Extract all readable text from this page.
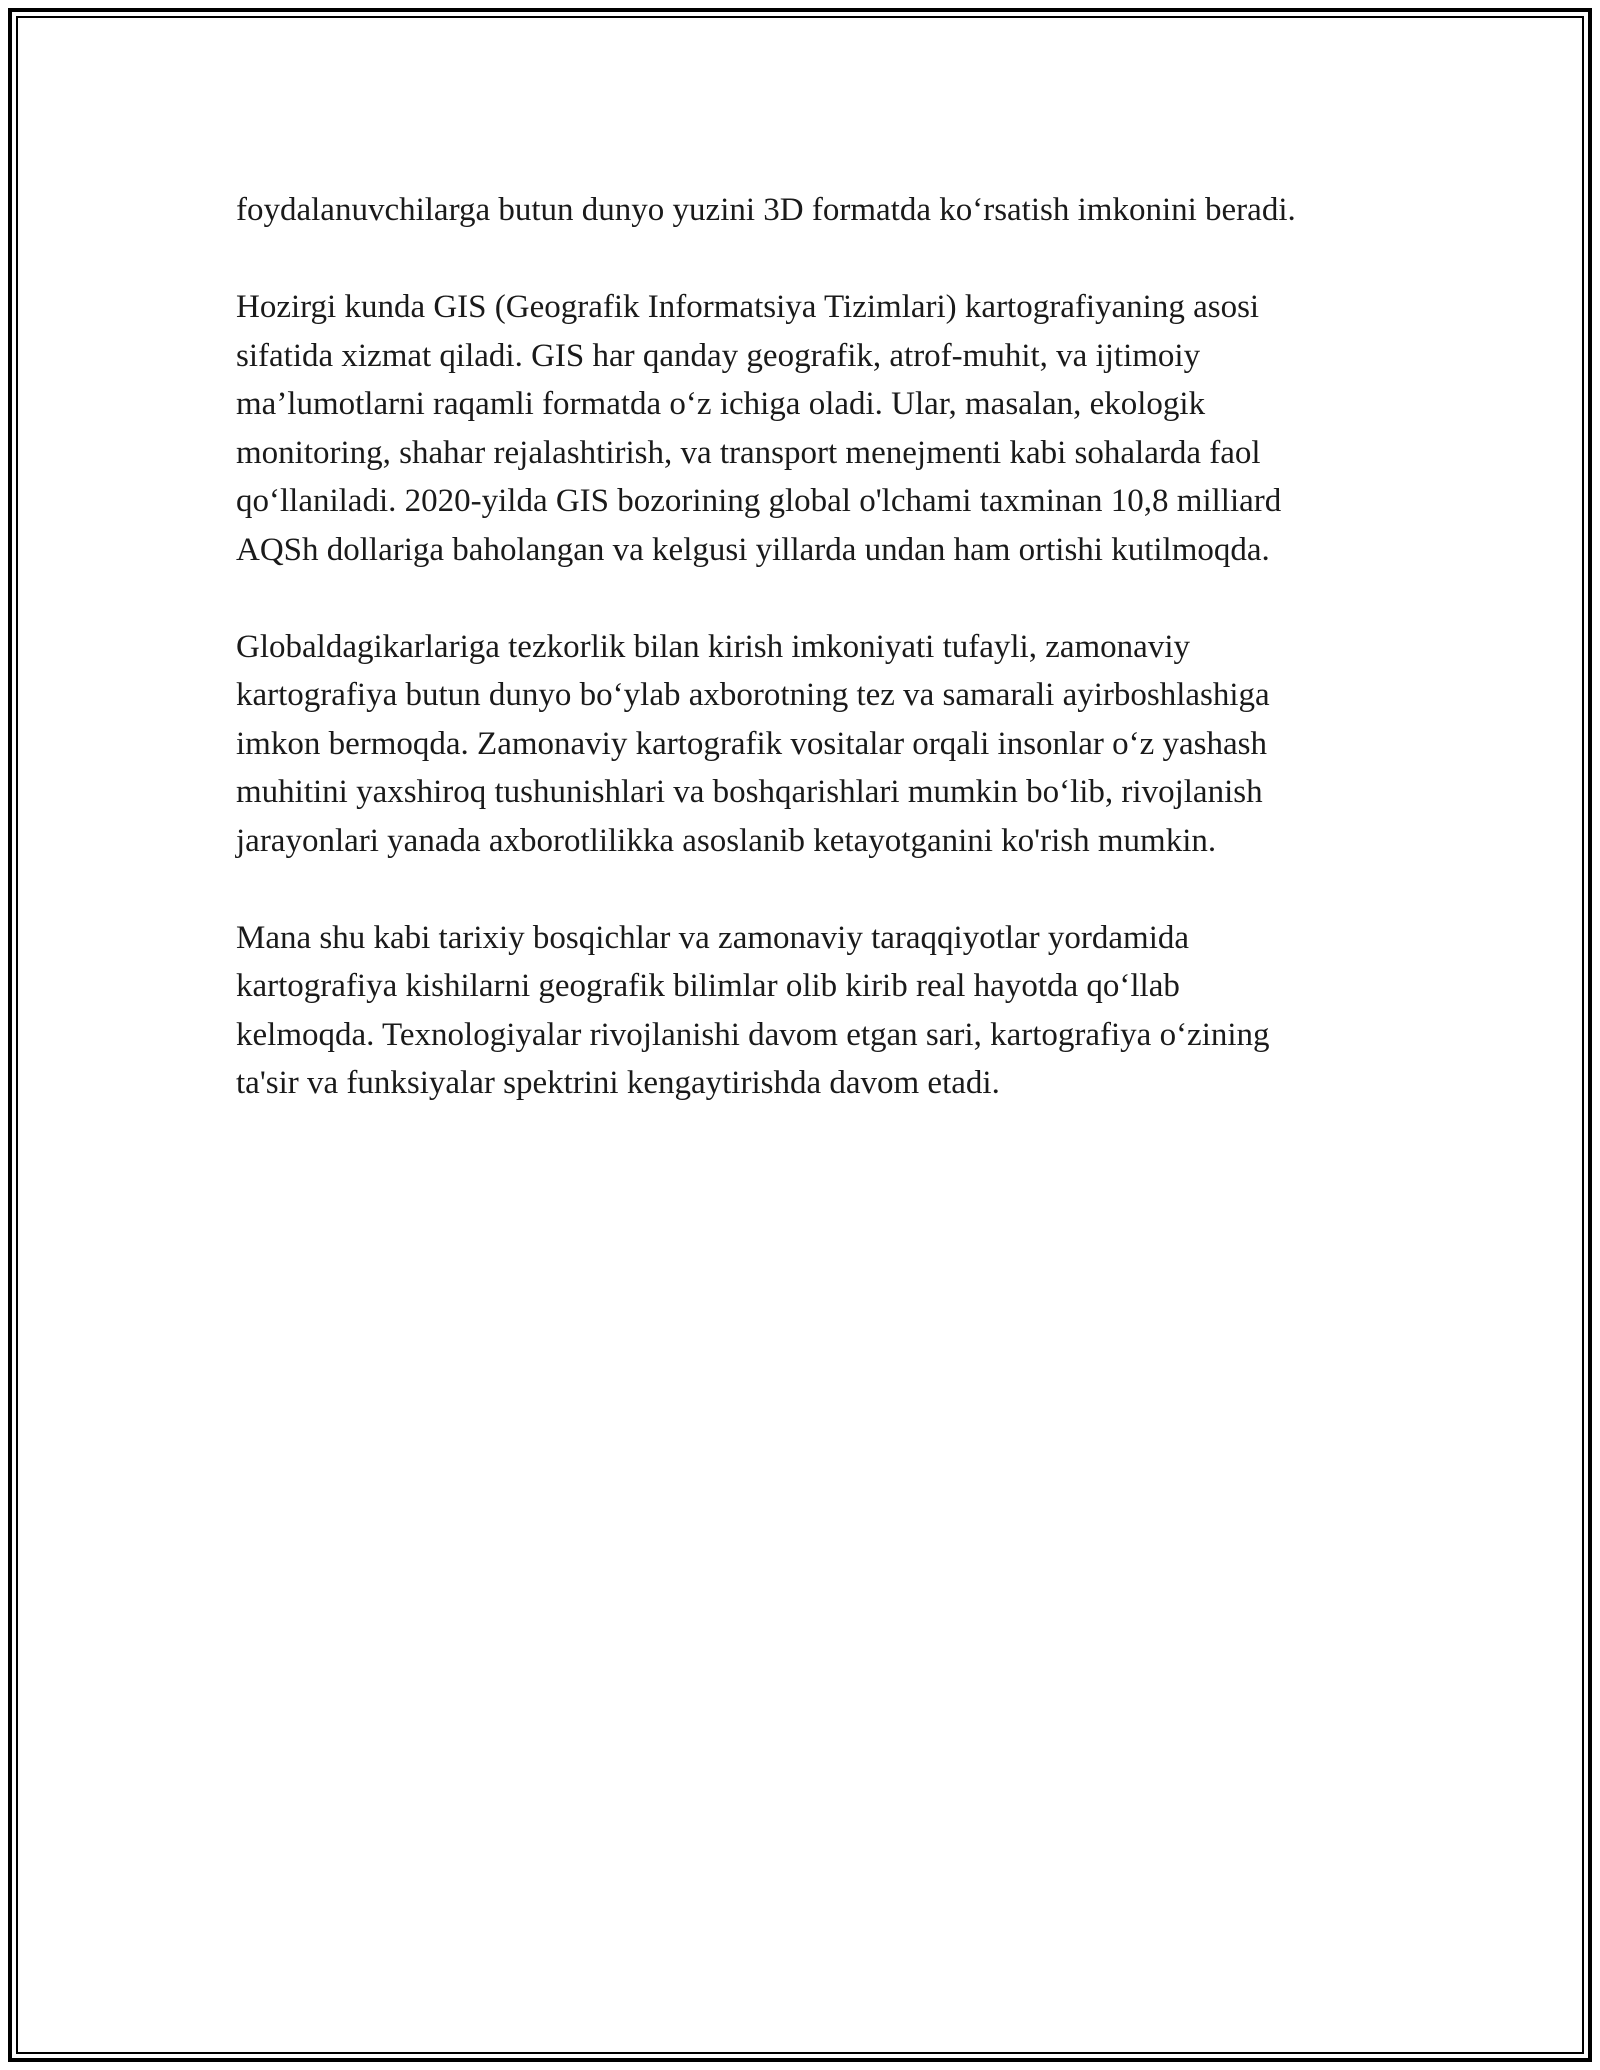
foydalanuvchilarga butun dunyo yuzini 3D formatda ko‘rsatish imkonini beradi.

Hozirgi kunda GIS (Geografik Informatsiya Tizimlari) kartografiyaning asosi sifatida xizmat qiladi. GIS har qanday geografik, atrof-muhit, va ijtimoiy ma’lumotlarni raqamli formatda o‘z ichiga oladi. Ular, masalan, ekologik monitoring, shahar rejalashtirish, va transport menejmenti kabi sohalarda faol qo‘llaniladi. 2020-yilda GIS bozorining global o'lchami taxminan 10,8 milliard AQSh dollariga baholangan va kelgusi yillarda undan ham ortishi kutilmoqda.

Globaldagikarlariga tezkorlik bilan kirish imkoniyati tufayli, zamonaviy kartografiya butun dunyo bo‘ylab axborotning tez va samarali ayirboshlashiga imkon bermoqda. Zamonaviy kartografik vositalar orqali insonlar o‘z yashash muhitini yaxshiroq tushunishlari va boshqarishlari mumkin bo‘lib, rivojlanish jarayonlari yanada axborotlilikka asoslanib ketayotganini ko'rish mumkin.

Mana shu kabi tarixiy bosqichlar va zamonaviy taraqqiyotlar yordamida kartografiya kishilarni geografik bilimlar olib kirib real hayotda qo‘llab kelmoqda. Texnologiyalar rivojlanishi davom etgan sari, kartografiya o‘zining ta'sir va funksiyalar spektrini kengaytirishda davom etadi.
